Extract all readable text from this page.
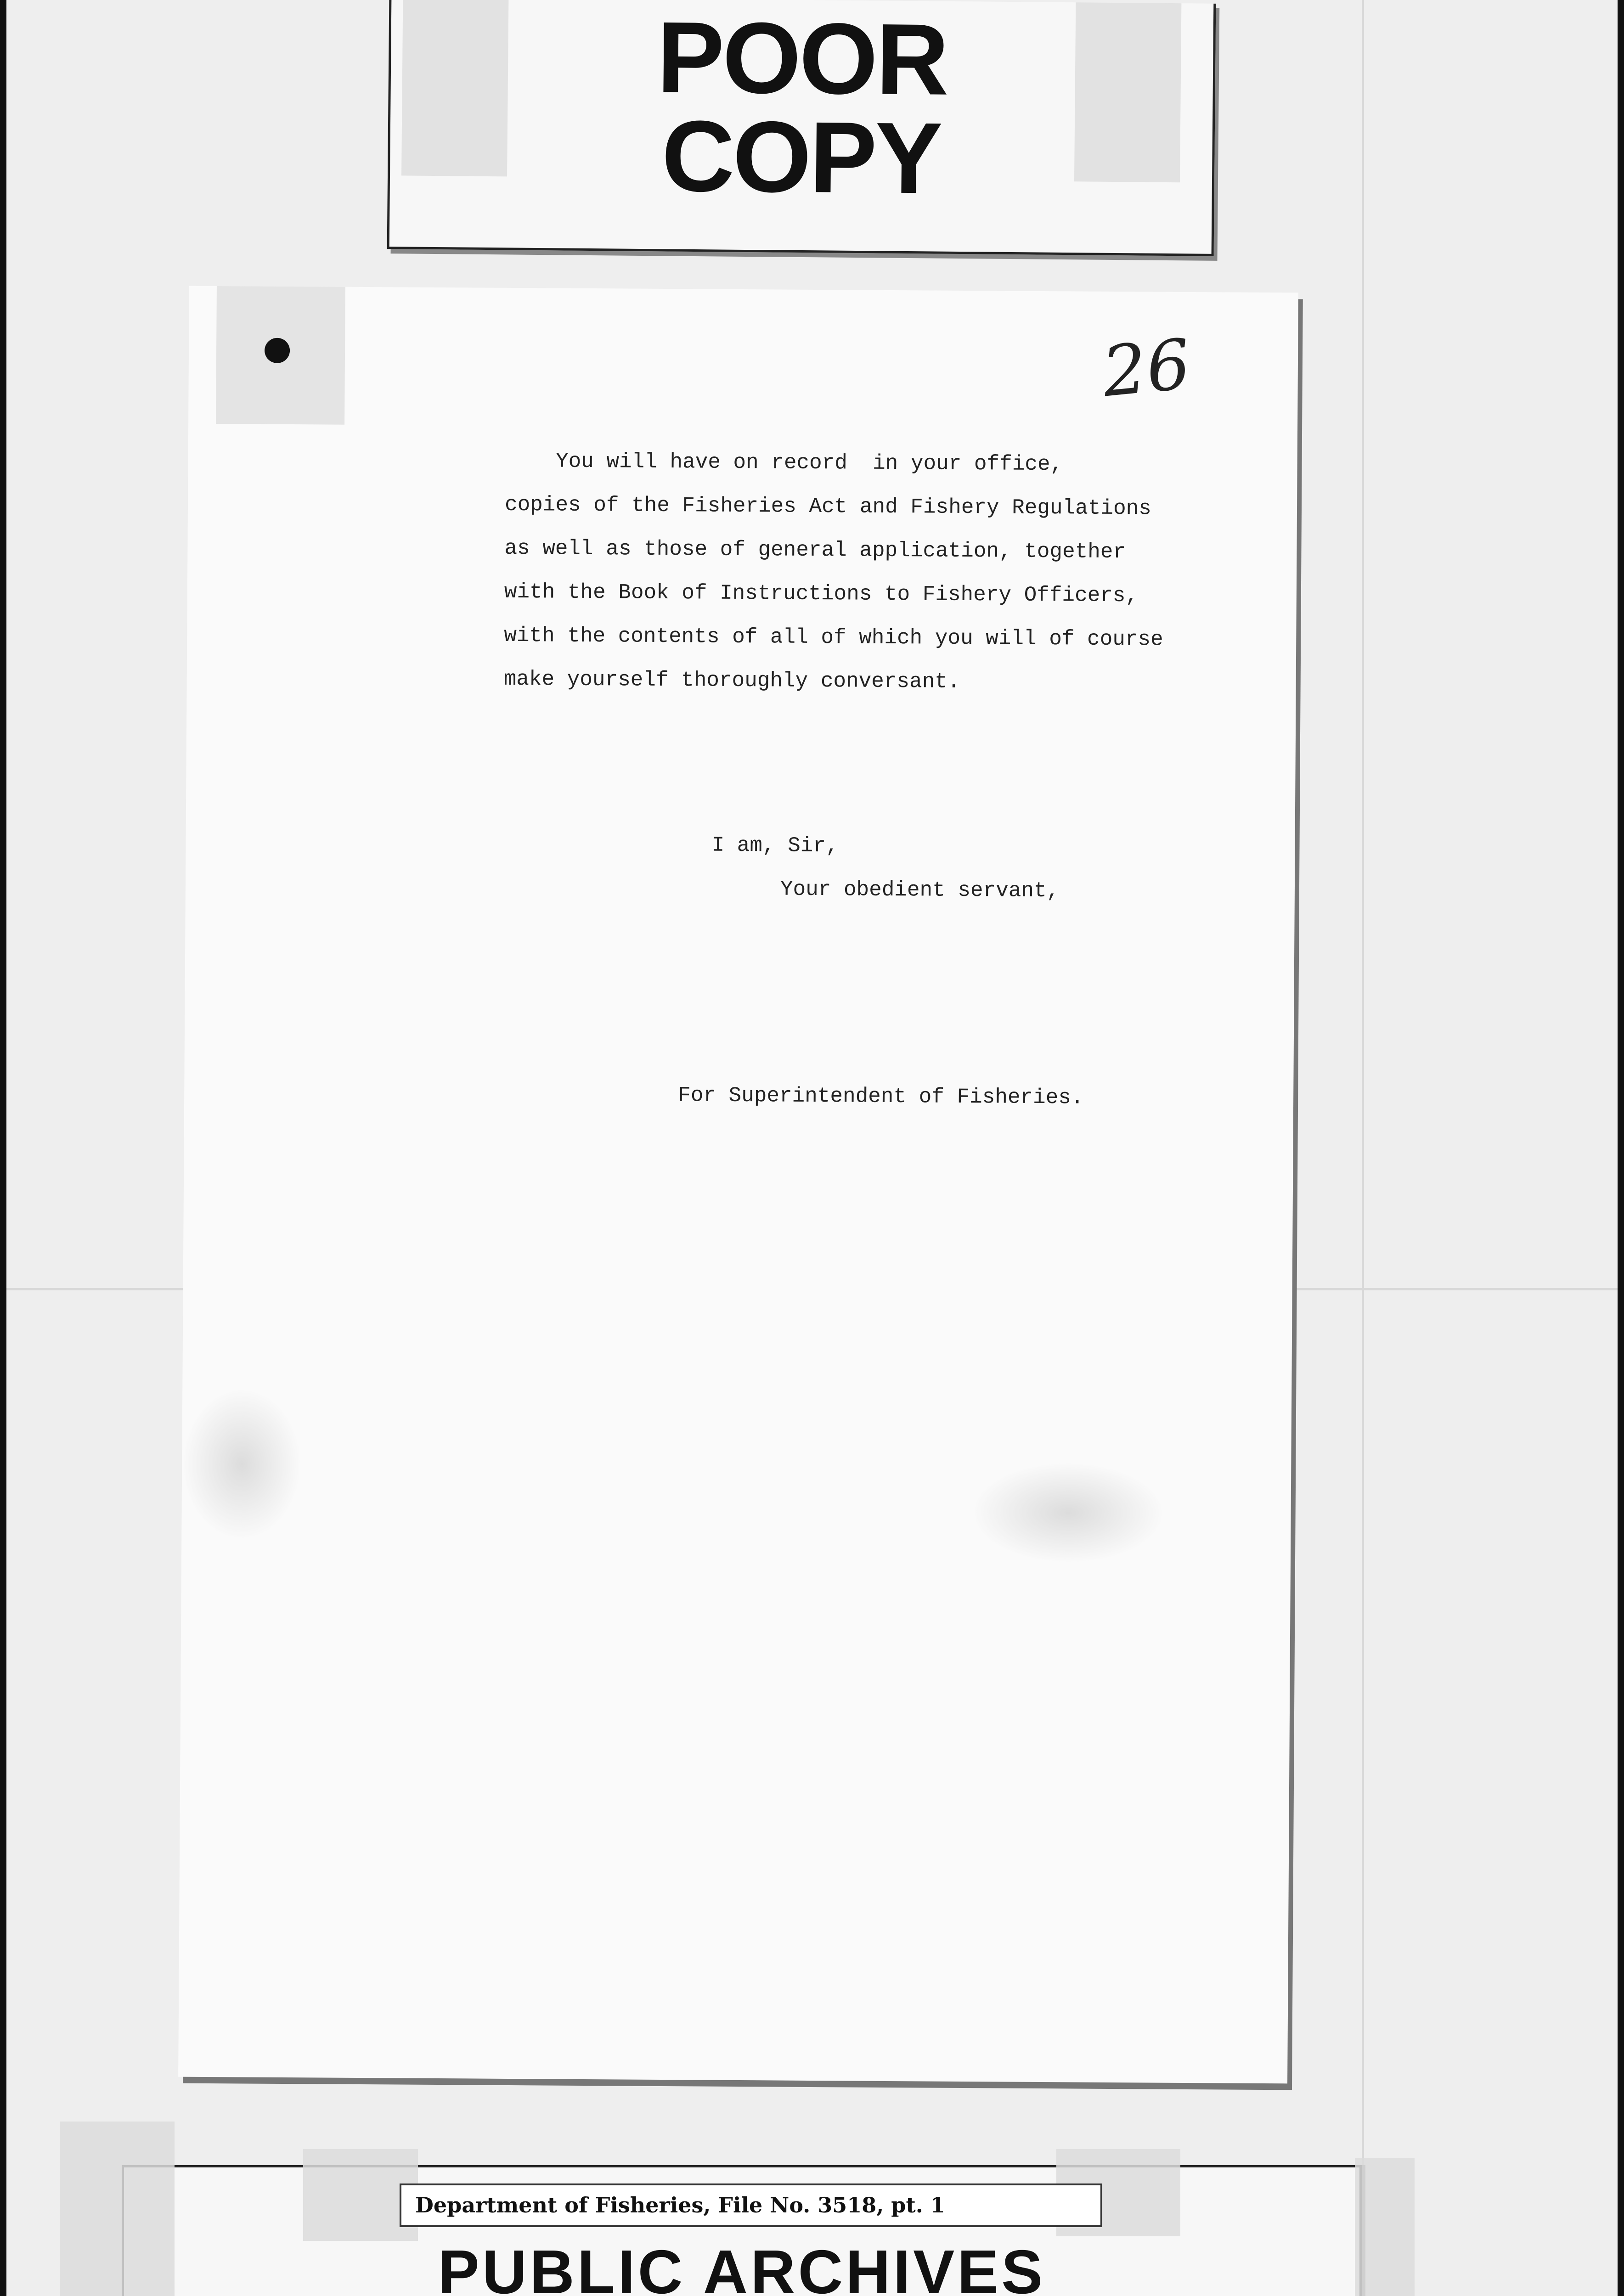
POOR
COPY
26
You will have on record  in your office,
copies of the Fisheries Act and Fishery Regulations
as well as those of general application, together
with the Book of Instructions to Fishery Officers,
with the contents of all of which you will of course
make yourself thoroughly conversant.
I am, Sir,
Your obedient servant,
For Superintendent of Fisheries.
Department of Fisheries, File No. 3518, pt. 1
PUBLIC ARCHIVES
